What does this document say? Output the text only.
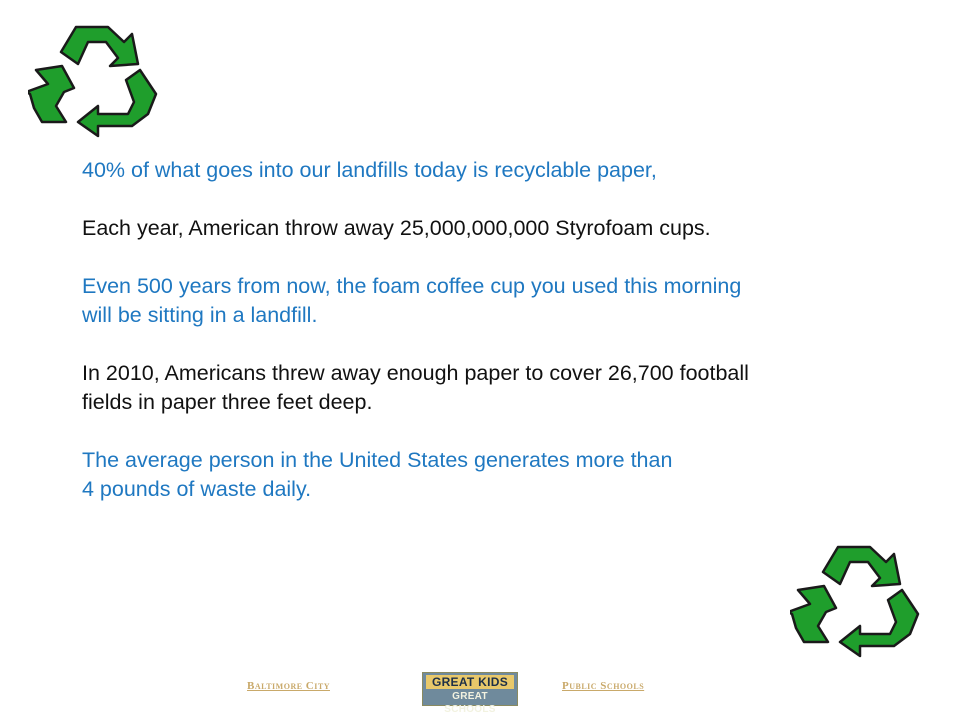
40% of what goes into our landfills today is recyclable paper,

Each year, American throw away 25,000,000,000 Styrofoam cups.

Even 500 years from now, the foam coffee cup you used this morning
will be sitting in a landfill.

In 2010, Americans threw away enough paper to cover 26,700 football
fields in paper three feet deep.

The average person in the United States generates more than
4 pounds of waste daily.

Baltimore City	GREAT KIDS
GREAT SCHOOLS
Public Schools
